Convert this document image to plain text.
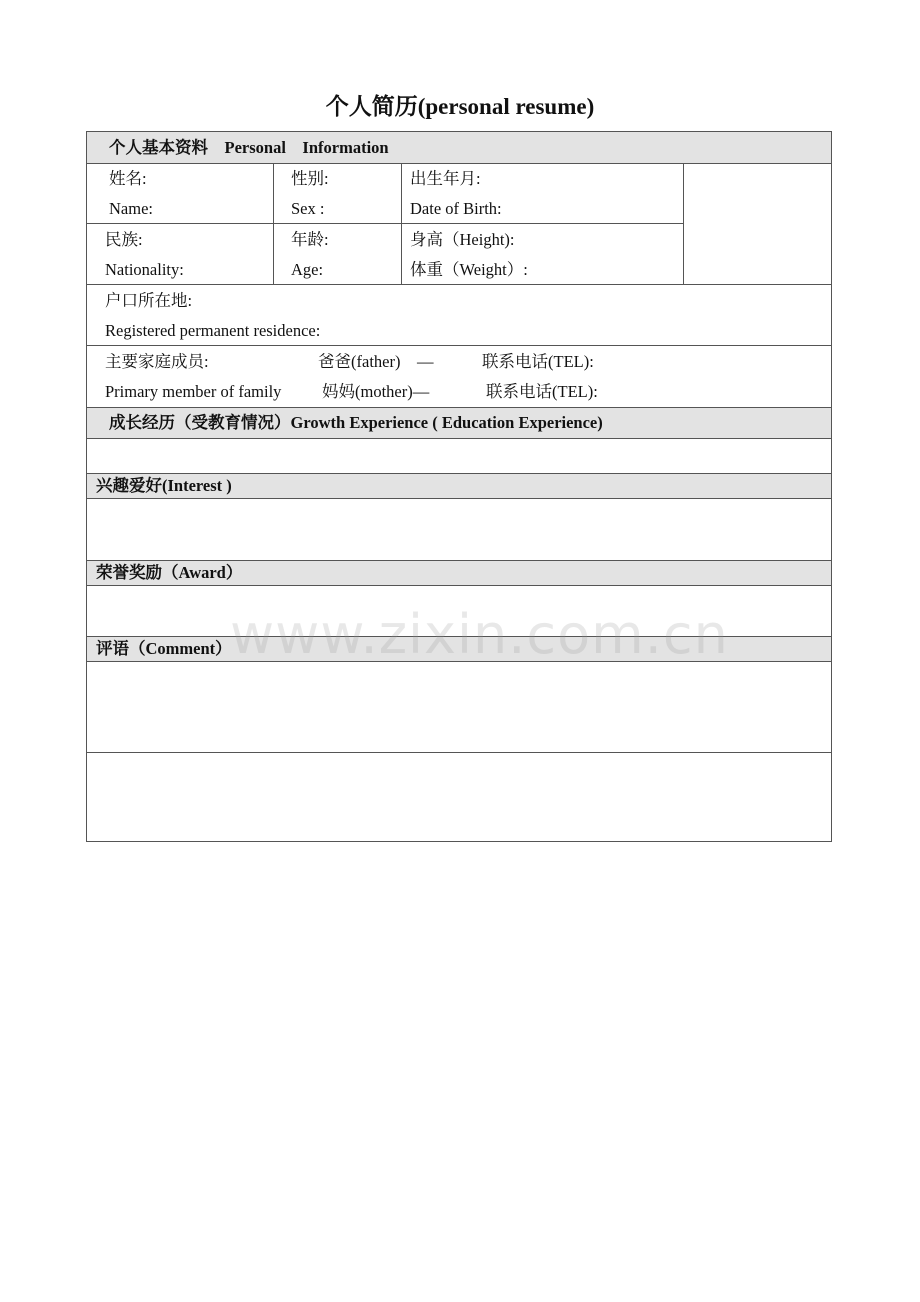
个人简历(personal resume)
个人基本资料　Personal　Information
成长经历（受教育情况）Growth Experience ( Education Experience)
兴趣爱好(Interest )
荣誉奖励（Award）
评语（Comment）
姓名:
Name:
性别:
Sex :
出生年月:
Date of Birth:
民族:
Nationality:
年龄:
Age:
身高（Height):
体重（Weight）:
户口所在地:
Registered permanent residence:
主要家庭成员:
Primary member of family
爸爸(father)　—
妈妈(mother)—
联系电话(TEL):
联系电话(TEL):
www.zixin.com.cn
